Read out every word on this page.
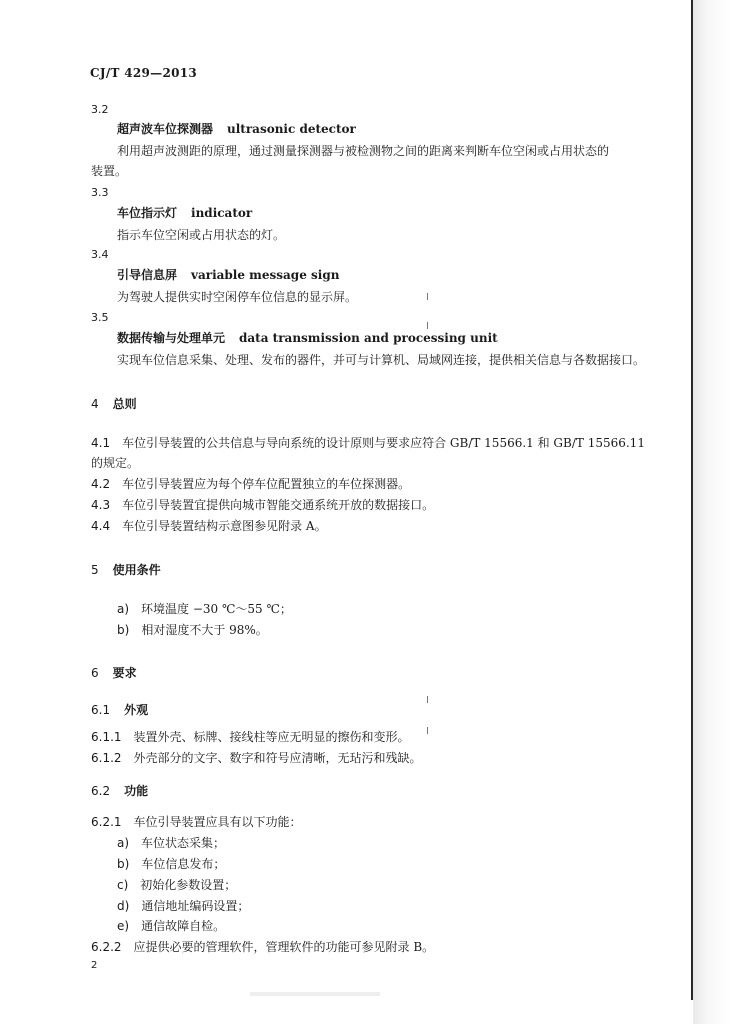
CJ/T 429—2013
3.2
超声波车位探测器 ultrasonic detector
利用超声波测距的原理，通过测量探测器与被检测物之间的距离来判断车位空闲或占用状态的
装置。
3.3
车位指示灯 indicator
指示车位空闲或占用状态的灯。
3.4
引导信息屏 variable message sign
为驾驶人提供实时空闲停车位信息的显示屏。
3.5
数据传输与处理单元 data transmission and processing unit
实现车位信息采集、处理、发布的器件，并可与计算机、局域网连接，提供相关信息与各数据接口。
4 总则
4.1 车位引导装置的公共信息与导向系统的设计原则与要求应符合 GB/T 15566.1 和 GB/T 15566.11
的规定。
4.2 车位引导装置应为每个停车位配置独立的车位探测器。
4.3 车位引导装置宜提供向城市智能交通系统开放的数据接口。
4.4 车位引导装置结构示意图参见附录 A。
5 使用条件
a) 环境温度 −30 ℃～55 ℃；
b) 相对湿度不大于 98%。
6 要求
6.1 外观
6.1.1 装置外壳、标牌、接线柱等应无明显的擦伤和变形。
6.1.2 外壳部分的文字、数字和符号应清晰，无玷污和残缺。
6.2 功能
6.2.1 车位引导装置应具有以下功能：
a) 车位状态采集；
b) 车位信息发布；
c) 初始化参数设置；
d) 通信地址编码设置；
e) 通信故障自检。
6.2.2 应提供必要的管理软件，管理软件的功能可参见附录 B。
2
